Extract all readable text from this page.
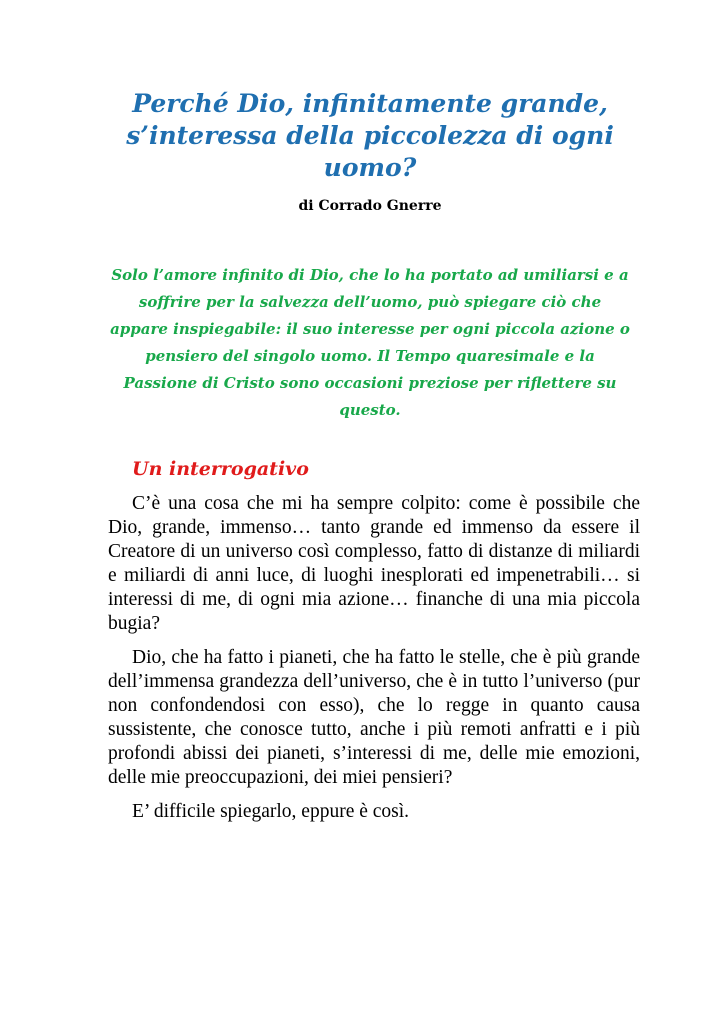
Perché Dio, infinitamente grande, s’interessa della piccolezza di ogni uomo?
di Corrado Gnerre

Solo l’amore infinito di Dio, che lo ha portato ad umiliarsi e a soffrire per la salvezza dell’uomo, può spiegare ciò che appare inspiegabile: il suo interesse per ogni piccola azione o pensiero del singolo uomo. Il Tempo quaresimale e la Passione di Cristo sono occasioni preziose per riflettere su questo.

Un interrogativo

C’è una cosa che mi ha sempre colpito: come è possibile che Dio, grande, immenso… tanto grande ed immenso da essere il Creatore di un universo così complesso, fatto di distanze di miliardi e miliardi di anni luce, di luoghi inesplorati ed impenetrabili… si interessi di me, di ogni mia azione… finanche di una mia piccola bugia?

Dio, che ha fatto i pianeti, che ha fatto le stelle, che è più grande dell’immensa grandezza dell’universo, che è in tutto l’universo (pur non confondendosi con esso), che lo regge in quanto causa sussistente, che conosce tutto, anche i più remoti anfratti e i più profondi abissi dei pianeti, s’interessi di me, delle mie emozioni, delle mie preoccupazioni, dei miei pensieri?

E’ difficile spiegarlo, eppure è così.
